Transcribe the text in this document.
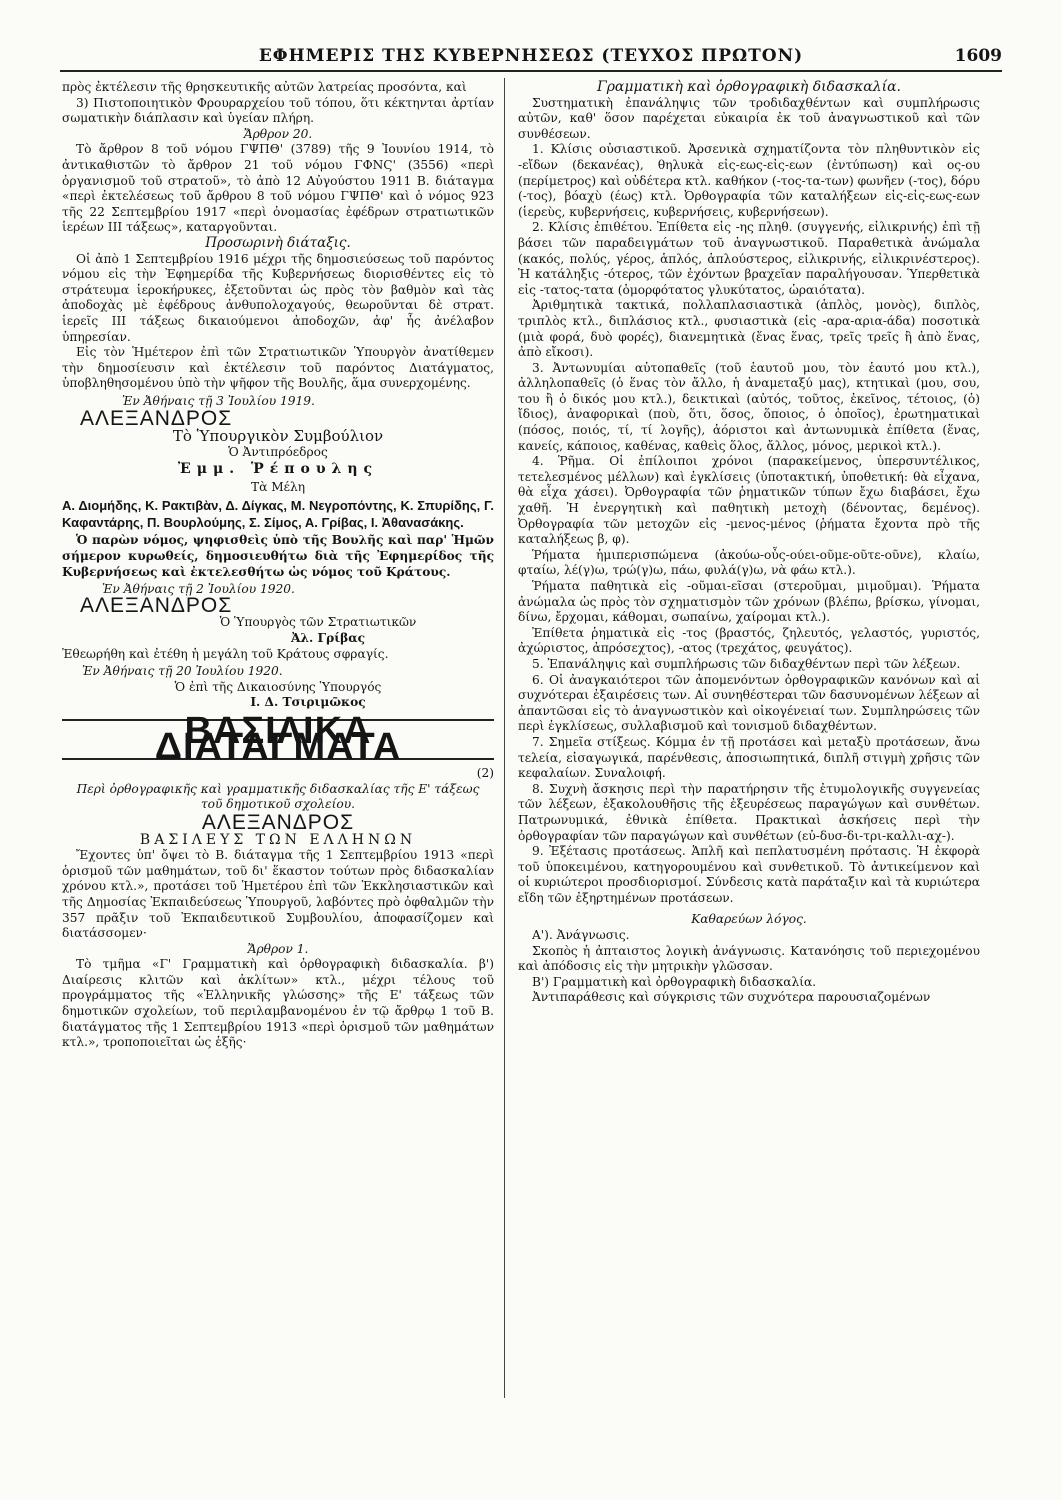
ΕΦΗΜΕΡΙΣ ΤΗΣ ΚΥΒΕΡΝΗΣΕΩΣ (ΤΕΥΧΟΣ ΠΡΩΤΟΝ)	1609

πρὸς ἐκτέλεσιν τῆς θρησκευτικῆς αὐτῶν λατρείας προσόντα, καὶ

3) Πιστοποιητικὸν Φρουραρχείου τοῦ τόπου, ὅτι κέκτηνται ἀρτίαν σωματικὴν διάπλασιν καὶ ὑγείαν πλήρη.

Ἄρθρον 20.

Τὸ ἄρθρον 8 τοῦ νόμου ΓΨΠΘ' (3789) τῆς 9 Ἰουνίου 1914, τὸ ἀντικαθιστῶν τὸ ἄρθρον 21 τοῦ νόμου ΓΦΝϚ' (3556) «περὶ ὀργανισμοῦ τοῦ στρατοῦ», τὸ ἀπὸ 12 Αὐγούστου 1911 Β. διάταγμα «περὶ ἐκτελέσεως τοῦ ἄρθρου 8 τοῦ νόμου ΓΨΠΘ' καὶ ὁ νόμος 923 τῆς 22 Σεπτεμβρίου 1917 «περὶ ὀνομασίας ἐφέδρων στρατιωτικῶν ἱερέων ΙΙΙ τάξεως», καταργοῦνται.

Προσωρινὴ διάταξις.

Οἱ ἀπὸ 1 Σεπτεμβρίου 1916 μέχρι τῆς δημοσιεύσεως τοῦ παρόντος νόμου εἰς τὴν Ἐφημερίδα τῆς Κυβερνήσεως διορισθέντες εἰς τὸ στράτευμα ἱεροκήρυκες, ἐξετοῦνται ὡς πρὸς τὸν βαθμὸν καὶ τὰς ἀποδοχὰς μὲ ἐφέδρους ἀνθυπολοχαγούς, θεωροῦνται δὲ στρατ. ἱερεῖς ΙΙΙ τάξεως δικαιούμενοι ἀποδοχῶν, ἀφ' ἧς ἀνέλαβον ὑπηρεσίαν.

Εἰς τὸν Ἡμέτερον ἐπὶ τῶν Στρατιωτικῶν Ὑπουργὸν ἀνατίθεμεν τὴν δημοσίευσιν καὶ ἐκτέλεσιν τοῦ παρόντος Διατάγματος, ὑποβληθησομένου ὑπὸ τὴν ψῆφον τῆς Βουλῆς, ἅμα συνερχομένης.

Ἐν Ἀθήναις τῇ 3 Ἰουλίου 1919.

ΑΛΕΞΑΝΔΡΟΣ

Τὸ Ὑπουργικὸν Συμβούλιον

Ὁ Ἀντιπρόεδρος

Ἐμμ. Ῥέπουλης

Τὰ Μέλη

Α. Διομήδης, Κ. Ρακτιβὰν, Δ. Δίγκας, Μ. Νεγροπόντης, Κ. Σπυρίδης, Γ. Καφαντάρης, Π. Βουρλούμης, Σ. Σίμος, Α. Γρίβας, Ι. Ἀθανασάκης.

Ὁ παρὼν νόμος, ψηφισθεὶς ὑπὸ τῆς Βουλῆς καὶ παρ' Ἡμῶν σήμερον κυρωθείς, δημοσιευθήτω διὰ τῆς Ἐφημερίδος τῆς Κυβερνήσεως καὶ ἐκτελεσθήτω ὡς νόμος τοῦ Κράτους.

Ἐν Ἀθήναις τῇ 2 Ἰουλίου 1920.

ΑΛΕΞΑΝΔΡΟΣ

Ὁ Ὑπουργὸς τῶν Στρατιωτικῶν

Ἀλ. Γρίβας

Ἐθεωρήθη καὶ ἐτέθη ἡ μεγάλη τοῦ Κράτους σφραγίς.

Ἐν Ἀθήναις τῇ 20 Ἰουλίου 1920.

Ὁ ἐπὶ τῆς Δικαιοσύνης Ὑπουργός

Ι. Δ. Τσιριμῶκος

ΒΑΣΙΛΙΚΑ ΔΙΑΤΑΓΜΑΤΑ

(2)

Περὶ ὀρθογραφικῆς καὶ γραμματικῆς διδασκαλίας τῆς Ε' τάξεως τοῦ δημοτικοῦ σχολείου.

ΑΛΕΞΑΝΔΡΟΣ

ΒΑΣΙΛΕΥΣ ΤΩΝ ΕΛΛΗΝΩΝ

Ἔχοντες ὑπ' ὄψει τὸ Β. διάταγμα τῆς 1 Σεπτεμβρίου 1913 «περὶ ὁρισμοῦ τῶν μαθημάτων, τοῦ δι' ἕκαστον τούτων πρὸς διδασκαλίαν χρόνου κτλ.», προτάσει τοῦ Ἡμετέρου ἐπὶ τῶν Ἐκκλησιαστικῶν καὶ τῆς Δημοσίας Ἐκπαιδεύσεως Ὑπουργοῦ, λαβόντες πρὸ ὀφθαλμῶν τὴν 357 πρᾶξιν τοῦ Ἐκπαιδευτικοῦ Συμβουλίου, ἀποφασίζομεν καὶ διατάσσομεν·

Ἄρθρον 1.

Τὸ τμῆμα «Γ' Γραμματικὴ καὶ ὀρθογραφικὴ διδασκαλία. β') Διαίρεσις κλιτῶν καὶ ἀκλίτων» κτλ., μέχρι τέλους τοῦ προγράμματος τῆς «Ἑλληνικῆς γλώσσης» τῆς Ε' τάξεως τῶν δημοτικῶν σχολείων, τοῦ περιλαμβανομένου ἐν τῷ ἄρθρῳ 1 τοῦ Β. διατάγματος τῆς 1 Σεπτεμβρίου 1913 «περὶ ὁρισμοῦ τῶν μαθημάτων κτλ.», τροποποιεῖται ὡς ἑξῆς·

Γραμματικὴ καὶ ὀρθογραφικὴ διδασκαλία.

Συστηματικὴ ἐπανάληψις τῶν τροδιδαχθέντων καὶ συμπλήρωσις αὐτῶν, καθ' ὅσον παρέχεται εὐκαιρία ἐκ τοῦ ἀναγνωστικοῦ καὶ τῶν συνθέσεων.

1. Κλίσις οὐσιαστικοῦ. Ἀρσενικὰ σχηματίζοντα τὸν πληθυντικὸν εἰς -εἴδων (δεκανέας), θηλυκὰ εἰς-εως-εἰς-εων (ἐντύπωση) καὶ ος-ου (περίμετρος) καὶ οὐδέτερα κτλ. καθήκον (-τος-τα-των) φωνῆεν (-τος), δόρυ (-τος), βόαχὺ (έως) κτλ. Ὀρθογραφία τῶν καταλήξεων εἰς-εἰς-εως-εων (ἱερεὺς, κυβερνήσεις, κυβερνήσεις, κυβερνήσεων).

2. Κλίσις ἐπιθέτου. Ἐπίθετα εἰς -ης πληθ. (συγγενής, εἰλικρινής) ἐπὶ τῇ βάσει τῶν παραδειγμάτων τοῦ ἀναγνωστικοῦ. Παραθετικὰ ἀνώμαλα (κακός, πολύς, γέρος, ἁπλός, ἁπλούστερος, εἰλικρινής, εἰλικρινέστερος). Ἡ κατάληξις -ότερος, τῶν ἐχόντων βραχεῖαν παραλήγουσαν. Ὑπερθετικὰ εἰς -τατος-τατα (ὁμορφότατος γλυκύτατος, ὡραιότατα).

Ἀριθμητικὰ τακτικά, πολλαπλασιαστικὰ (ἁπλὸς, μονὸς), διπλὸς, τριπλὸς κτλ., διπλάσιος κτλ., φυσιαστικὰ (εἰς -αρα-αρια-άδα) ποσοτικὰ (μιὰ φορά, δυὸ φορές), διανεμητικὰ (ἕνας ἕνας, τρεῖς τρεῖς ἢ ἀπὸ ἕνας, ἀπὸ εἴκοσι).

3. Ἀντωνυμίαι αὐτοπαθεῖς (τοῦ ἑαυτοῦ μου, τὸν ἑαυτό μου κτλ.), ἀλληλοπαθεῖς (ὁ ἕνας τὸν ἄλλο, ἡ ἀναμεταξύ μας), κτητικαὶ (μου, σου, του ἢ ὁ δικός μου κτλ.), δεικτικαὶ (αὐτός, τοῦτος, ἐκεῖνος, τέτοιος, (ὁ) ἴδιος), ἀναφορικαὶ (ποὺ, ὅτι, ὅσος, ὅποιος, ὁ ὁποῖος), ἐρωτηματικαὶ (πόσος, ποιός, τί, τί λογῆς), ἀόριστοι καὶ ἀντωνυμικὰ ἐπίθετα (ἕνας, κανείς, κάποιος, καθένας, καθεὶς ὅλος, ἄλλος, μόνος, μερικοὶ κτλ.).

4. Ῥῆμα. Οἱ ἐπίλοιποι χρόνοι (παρακείμενος, ὑπερσυντέλικος, τετελεσμένος μέλλων) καὶ ἐγκλίσεις (ὑποτακτική, ὑποθετική: θὰ εἶχανα, θὰ εἶχα χάσει). Ὀρθογραφία τῶν ῥηματικῶν τύπων ἔχω διαβάσει, ἔχω χαθῆ. Ἡ ἐνεργητικὴ καὶ παθητικὴ μετοχὴ (δένοντας, δεμένος). Ὀρθογραφία τῶν μετοχῶν εἰς -μενος-μένος (ῥήματα ἔχοντα πρὸ τῆς καταλήξεως β, φ).

Ῥήματα ἡμιπερισπώμενα (ἀκούω-οὖς-ούει-οῦμε-οῦτε-οῦνε), κλαίω, φταίω, λέ(γ)ω, τρώ(γ)ω, πάω, φυλά(γ)ω, νὰ φάω κτλ.).

Ῥήματα παθητικὰ εἰς -οῦμαι-εῖσαι (στεροῦμαι, μιμοῦμαι). Ῥήματα ἀνώμαλα ὡς πρὸς τὸν σχηματισμὸν τῶν χρόνων (βλέπω, βρίσκω, γίνομαι, δίνω, ἔρχομαι, κάθομαι, σωπαίνω, χαίρομαι κτλ.).

Ἐπίθετα ῥηματικὰ εἰς -τος (βραστός, ζηλευτός, γελαστός, γυριστός, ἀχώριστος, ἀπρόσεχτος), -ατος (τρεχάτος, φευγάτος).

5. Ἐπανάληψις καὶ συμπλήρωσις τῶν διδαχθέντων περὶ τῶν λέξεων.

6. Οἱ ἀναγκαιότεροι τῶν ἀπομενόντων ὀρθογραφικῶν κανόνων καὶ αἱ συχνότεραι ἐξαιρέσεις των. Αἱ συνηθέστεραι τῶν δασυνομένων λέξεων αἱ ἀπαντῶσαι εἰς τὸ ἀναγνωστικὸν καὶ οἰκογένειαί των. Συμπληρώσεις τῶν περὶ ἐγκλίσεως, συλλαβισμοῦ καὶ τονισμοῦ διδαχθέντων.

7. Σημεῖα στίξεως. Κόμμα ἐν τῇ προτάσει καὶ μεταξὺ προτάσεων, ἄνω τελεία, εἰσαγωγικά, παρένθεσις, ἀποσιωπητικά, διπλῆ στιγμὴ χρῆσις τῶν κεφαλαίων. Συναλοιφή.

8. Συχνὴ ἄσκησις περὶ τὴν παρατήρησιν τῆς ἐτυμολογικῆς συγγενείας τῶν λέξεων, ἐξακολουθῆσις τῆς ἐξευρέσεως παραγώγων καὶ συνθέτων. Πατρωνυμικά, ἐθνικὰ ἐπίθετα. Πρακτικαὶ ἀσκήσεις περὶ τὴν ὀρθογραφίαν τῶν παραγώγων καὶ συνθέτων (εὐ-δυσ-δι-τρι-καλλι-αχ-).

9. Ἐξέτασις προτάσεως. Ἁπλῆ καὶ πεπλατυσμένη πρότασις. Ἡ ἐκφορὰ τοῦ ὑποκειμένου, κατηγορουμένου καὶ συνθετικοῦ. Τὸ ἀντικείμενον καὶ οἱ κυριώτεροι προσδιορισμοί. Σύνδεσις κατὰ παράταξιν καὶ τὰ κυριώτερα εἴδη τῶν ἐξηρτημένων προτάσεων.

Καθαρεύων λόγος.

Α'). Ἀνάγνωσις.

Σκοπὸς ἡ ἀπταιστος λογικὴ ἀνάγνωσις. Κατανόησις τοῦ περιεχομένου καὶ ἀπόδοσις εἰς τὴν μητρικὴν γλῶσσαν.

Β') Γραμματικὴ καὶ ὀρθογραφικὴ διδασκαλία.

Ἀντιπαράθεσις καὶ σύγκρισις τῶν συχνότερα παρουσιαζομένων
